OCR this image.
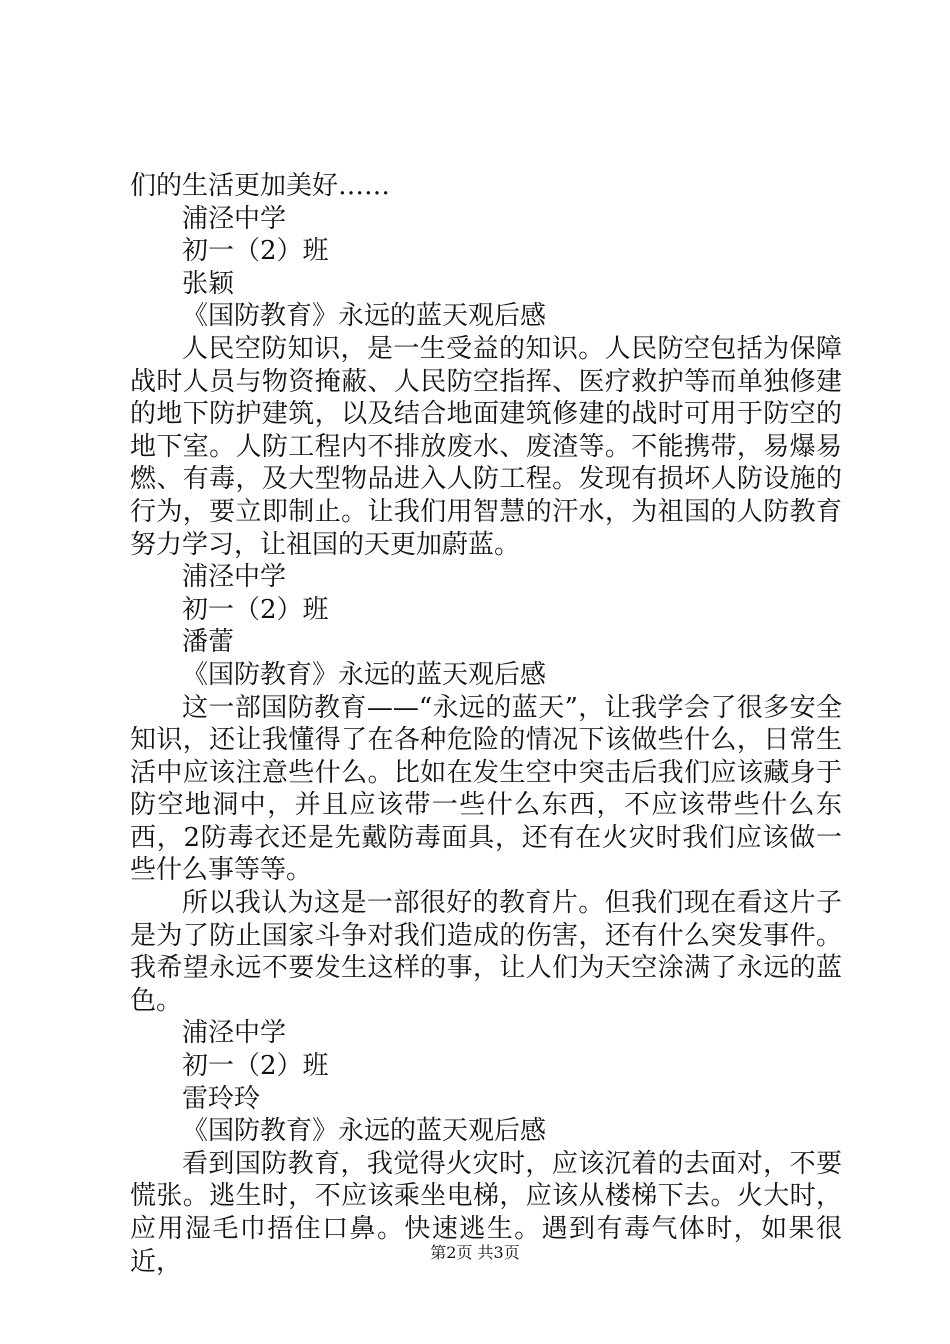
们的生活更加美好……

浦泾中学

初一（2）班

张颖

《国防教育》永远的蓝天观后感

人民空防知识，是一生受益的知识。人民防空包括为保障战时人员与物资掩蔽、人民防空指挥、医疗救护等而单独修建的地下防护建筑，以及结合地面建筑修建的战时可用于防空的地下室。人防工程内不排放废水、废渣等。不能携带，易爆易燃、有毒，及大型物品进入人防工程。发现有损坏人防设施的行为，要立即制止。让我们用智慧的汗水，为祖国的人防教育努力学习，让祖国的天更加蔚蓝。

浦泾中学

初一（2）班

潘蕾

《国防教育》永远的蓝天观后感

这一部国防教育——“永远的蓝天”，让我学会了很多安全知识，还让我懂得了在各种危险的情况下该做些什么，日常生活中应该注意些什么。比如在发生空中突击后我们应该藏身于防空地洞中，并且应该带一些什么东西，不应该带些什么东西，2防毒衣还是先戴防毒面具，还有在火灾时我们应该做一些什么事等等。

所以我认为这是一部很好的教育片。但我们现在看这片子是为了防止国家斗争对我们造成的伤害，还有什么突发事件。我希望永远不要发生这样的事，让人们为天空涂满了永远的蓝色。

浦泾中学

初一（2）班

雷玲玲

《国防教育》永远的蓝天观后感

看到国防教育，我觉得火灾时，应该沉着的去面对，不要慌张。逃生时，不应该乘坐电梯，应该从楼梯下去。火大时，应用湿毛巾捂住口鼻。快速逃生。遇到有毒气体时，如果很近，	第2页 共3页
